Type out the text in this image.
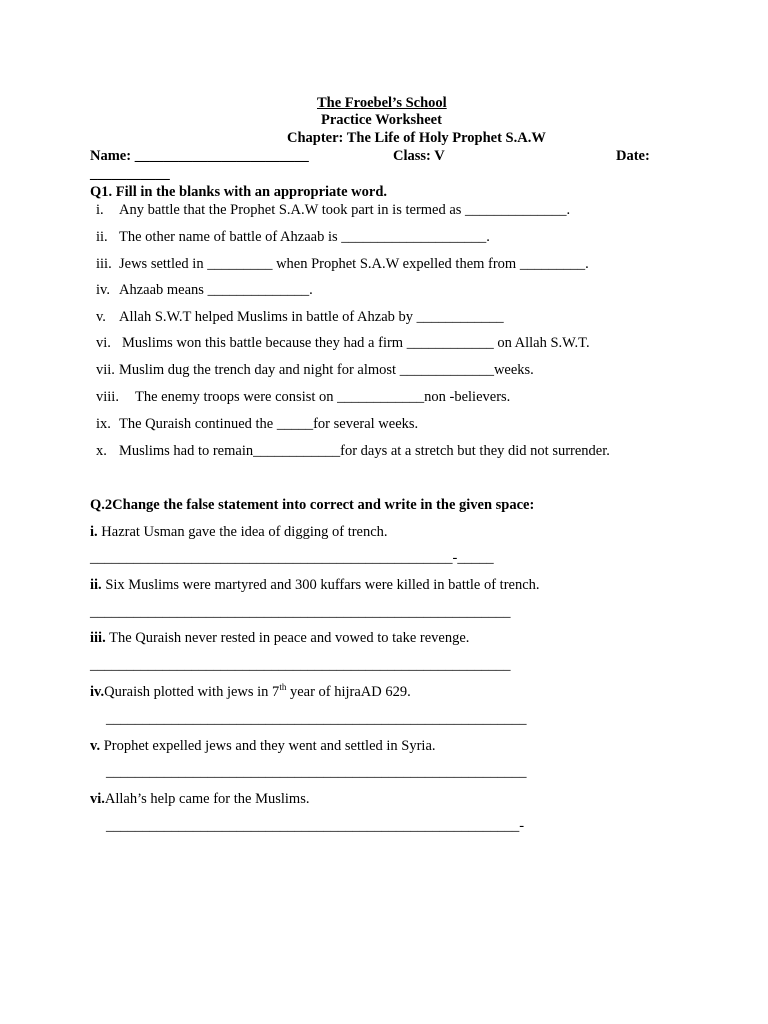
The Froebel’s School
Practice Worksheet
Chapter: The Life of Holy Prophet S.A.W
Name: ________________________	Class: V	Date:
___________
Q1. Fill in the blanks with an appropriate word.
i. Any battle that the Prophet S.A.W took part in is termed as ______________.
ii. The other name of battle of Ahzaab is ____________________.
iii. Jews settled in _________ when Prophet S.A.W expelled them from _________.
iv. Ahzaab means ______________.
v. Allah S.W.T helped Muslims in battle of Ahzab by ____________
vi. Muslims won this battle because they had a firm ____________ on Allah S.W.T.
vii. Muslim dug the trench day and night for almost _____________weeks.
viii. The enemy troops were consist on ____________non -believers.
ix. The Quraish continued the _____for several weeks.
x. Muslims had to remain____________for days at a stretch but they did not surrender.
Q.2Change the false statement into correct and write in the given space:
i. Hazrat Usman gave the idea of digging of trench.
__________________________________________________-_____
ii. Six Muslims were martyred and 300 kuffars were killed in battle of trench.
__________________________________________________________
iii. The Quraish never rested in peace and vowed to take revenge.
__________________________________________________________
iv.Quraish plotted with jews in 7th year of hijraAD 629.
__________________________________________________________
v. Prophet expelled jews and they went and settled in Syria.
__________________________________________________________
vi.Allah’s help came for the Muslims.
_________________________________________________________-
